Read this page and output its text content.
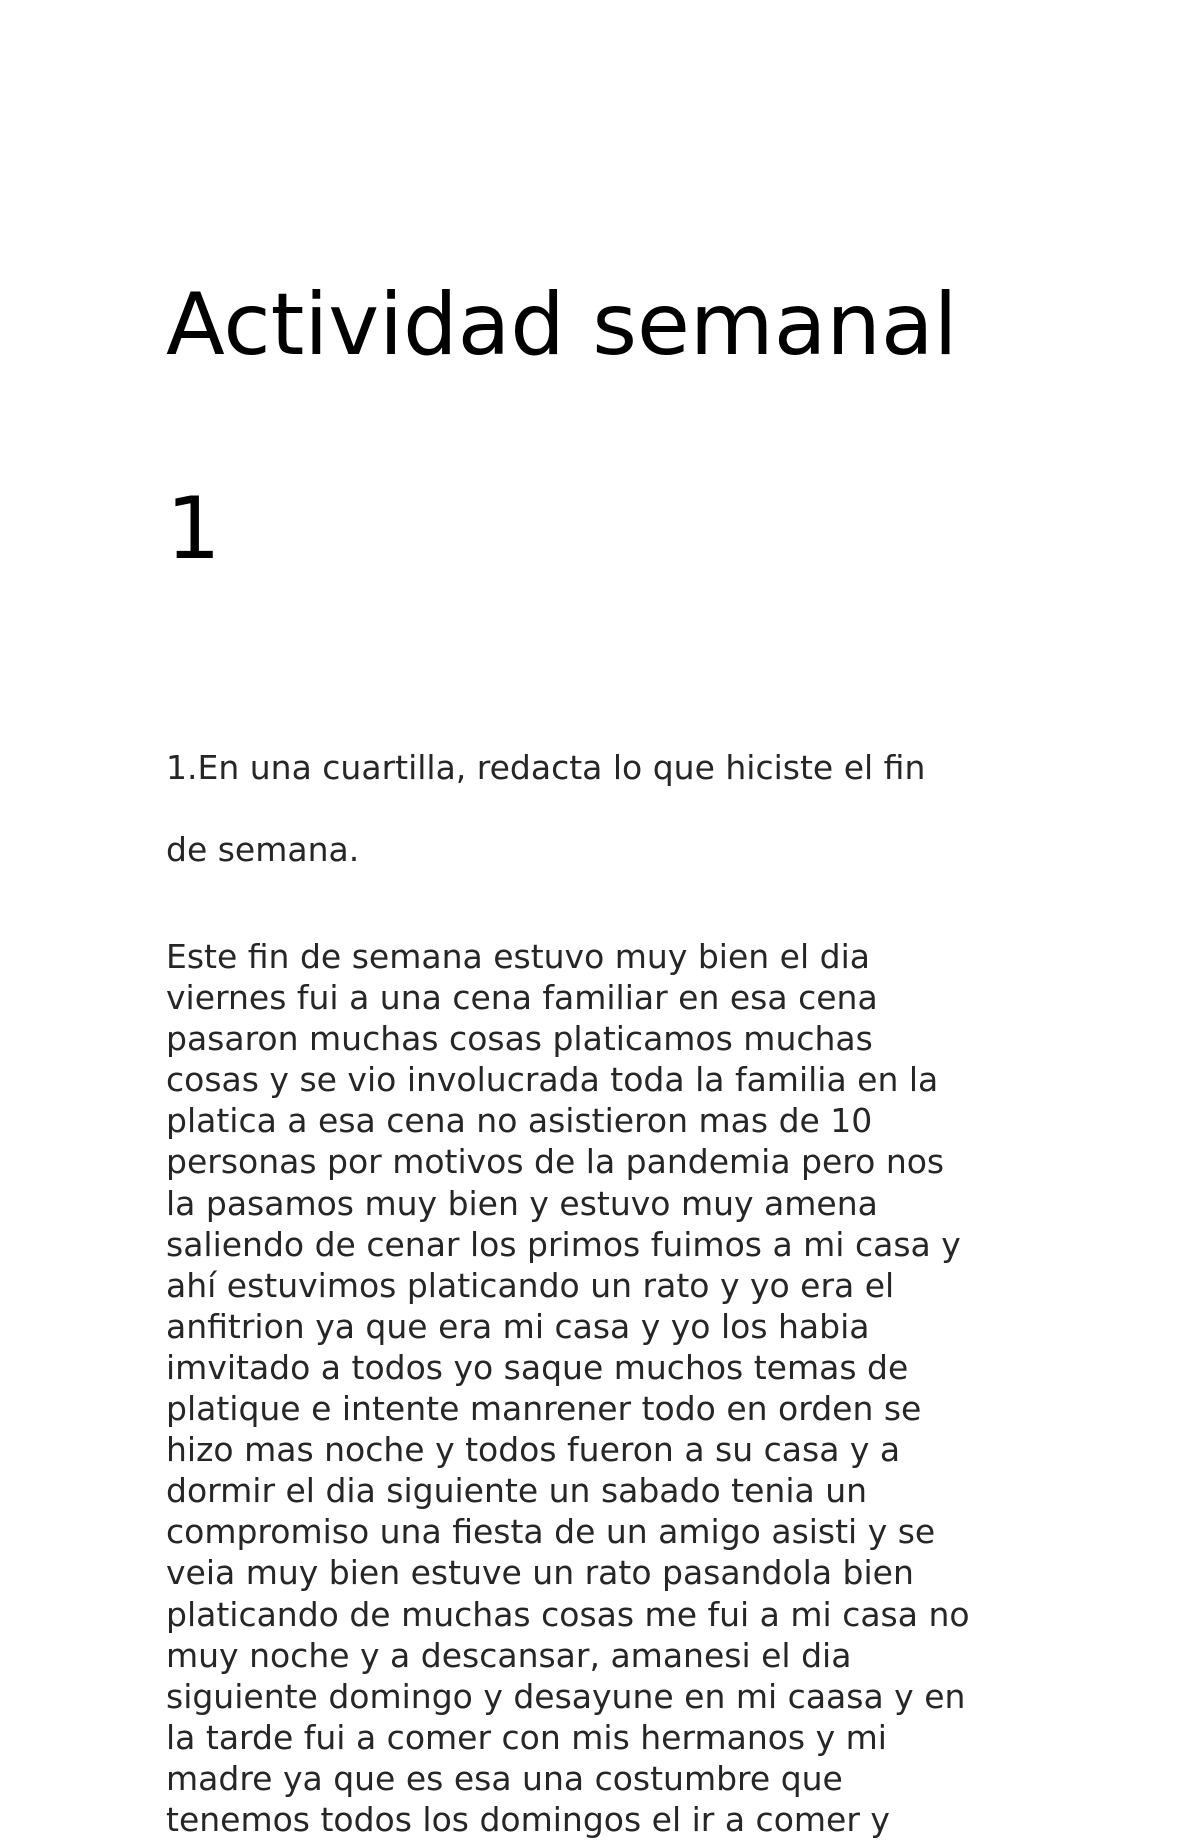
Actividad semanal

1

1.En una cuartilla, redacta lo que hiciste el fin

de semana.

Este fin de semana estuvo muy bien el dia
viernes fui a una cena familiar en esa cena
pasaron muchas cosas platicamos muchas
cosas y se vio involucrada toda la familia en la
platica a esa cena no asistieron mas de 10
personas por motivos de la pandemia pero nos
la pasamos muy bien y estuvo muy amena
saliendo de cenar los primos fuimos a mi casa y
ahí estuvimos platicando un rato y yo era el
anfitrion ya que era mi casa y yo los habia
imvitado a todos yo saque muchos temas de
platique e intente manrener todo en orden se
hizo mas noche y todos fueron a su casa y a
dormir el dia siguiente un sabado tenia un
compromiso una fiesta de un amigo asisti y se
veia muy bien estuve un rato pasandola bien
platicando de muchas cosas me fui a mi casa no
muy noche y a descansar, amanesi el dia
siguiente domingo y desayune en mi caasa y en
la tarde fui a comer con mis hermanos y mi
madre ya que es esa una costumbre que
tenemos todos los domingos el ir a comer y
